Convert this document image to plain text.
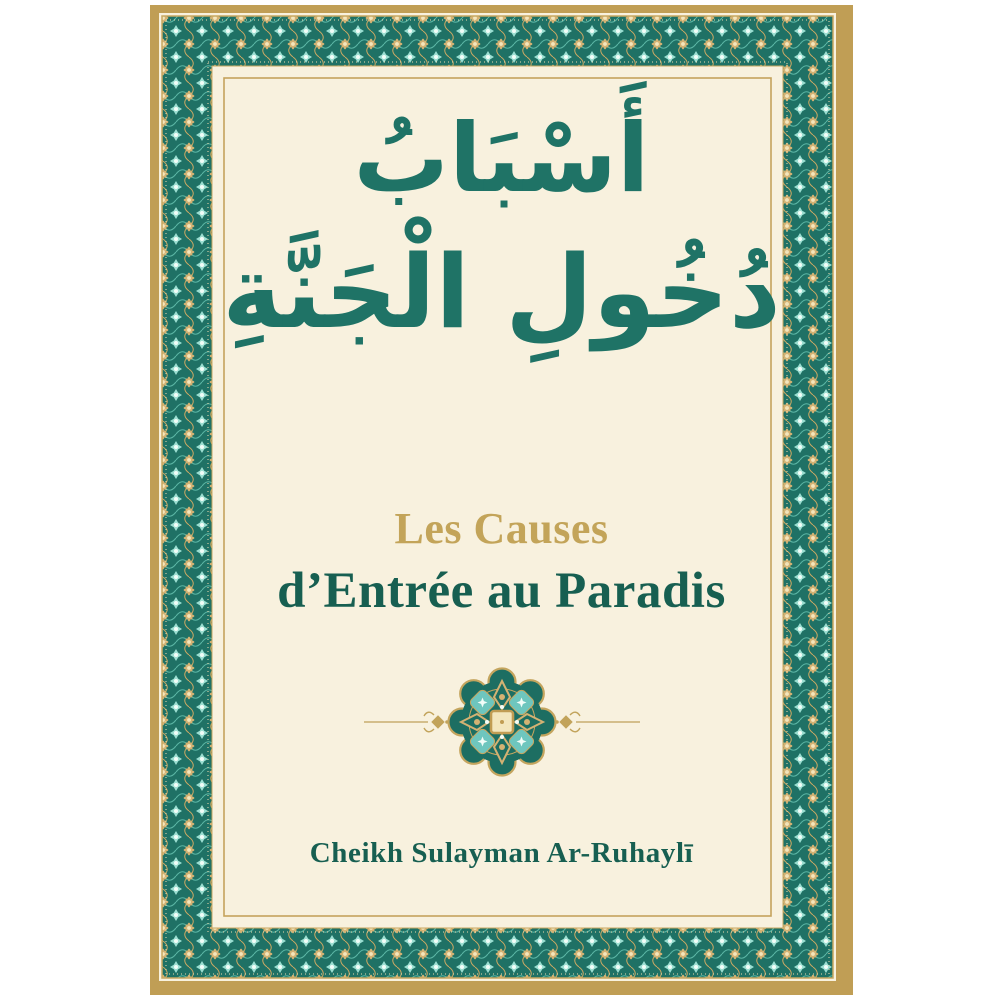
أَسْبَابُ
دُخُولِ الْجَنَّةِ
Les Causes
d’Entrée au Paradis
Cheikh Sulayman Ar-Ruhaylī
